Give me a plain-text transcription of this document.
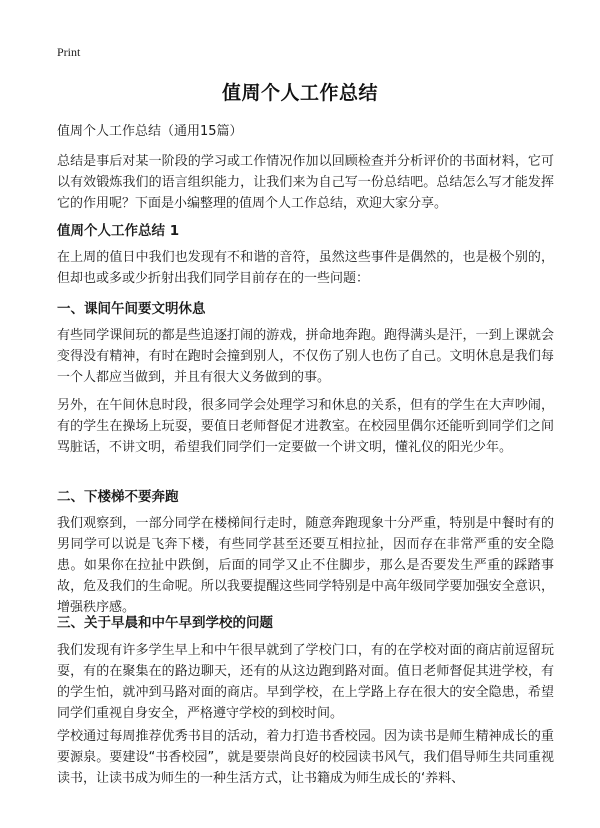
Print
值周个人工作总结

值周个人工作总结（通用15篇）

总结是事后对某一阶段的学习或工作情况作加以回顾检查并分析评价的书面材料，它可以有效锻炼我们的语言组织能力，让我们来为自己写一份总结吧。总结怎么写才能发挥它的作用呢？下面是小编整理的值周个人工作总结，欢迎大家分享。

值周个人工作总结 1

在上周的值日中我们也发现有不和谐的音符，虽然这些事件是偶然的，也是极个别的，但却也或多或少折射出我们同学目前存在的一些问题：

一、课间午间要文明休息

有些同学课间玩的都是些追逐打闹的游戏，拼命地奔跑。跑得满头是汗，一到上课就会变得没有精神，有时在跑时会撞到别人，不仅伤了别人也伤了自己。文明休息是我们每一个人都应当做到，并且有很大义务做到的事。

另外，在午间休息时段，很多同学会处理学习和休息的关系，但有的学生在大声吵闹，有的学生在操场上玩耍，要值日老师督促才进教室。在校园里偶尔还能听到同学们之间骂脏话，不讲文明，希望我们同学们一定要做一个讲文明，懂礼仪的阳光少年。

二、下楼梯不要奔跑

我们观察到，一部分同学在楼梯间行走时，随意奔跑现象十分严重，特别是中餐时有的男同学可以说是飞奔下楼，有些同学甚至还要互相拉扯，因而存在非常严重的安全隐患。如果你在拉扯中跌倒，后面的同学又止不住脚步，那么是否要发生严重的踩踏事故，危及我们的生命呢。所以我要提醒这些同学特别是中高年级同学要加强安全意识，增强秩序感。

三、关于早晨和中午早到学校的问题

我们发现有许多学生早上和中午很早就到了学校门口，有的在学校对面的商店前逗留玩耍，有的在聚集在的路边聊天，还有的从这边跑到路对面。值日老师督促其进学校，有的学生怕，就冲到马路对面的商店。早到学校，在上学路上存在很大的安全隐患，希望同学们重视自身安全，严格遵守学校的到校时间。

学校通过每周推荐优秀书目的活动，着力打造书香校园。因为读书是师生精神成长的重要源泉。要建设“书香校园”，就是要崇尚良好的校园读书风气，我们倡导师生共同重视读书，让读书成为师生的一种生活方式，让书籍成为师生成长的‘养料、
